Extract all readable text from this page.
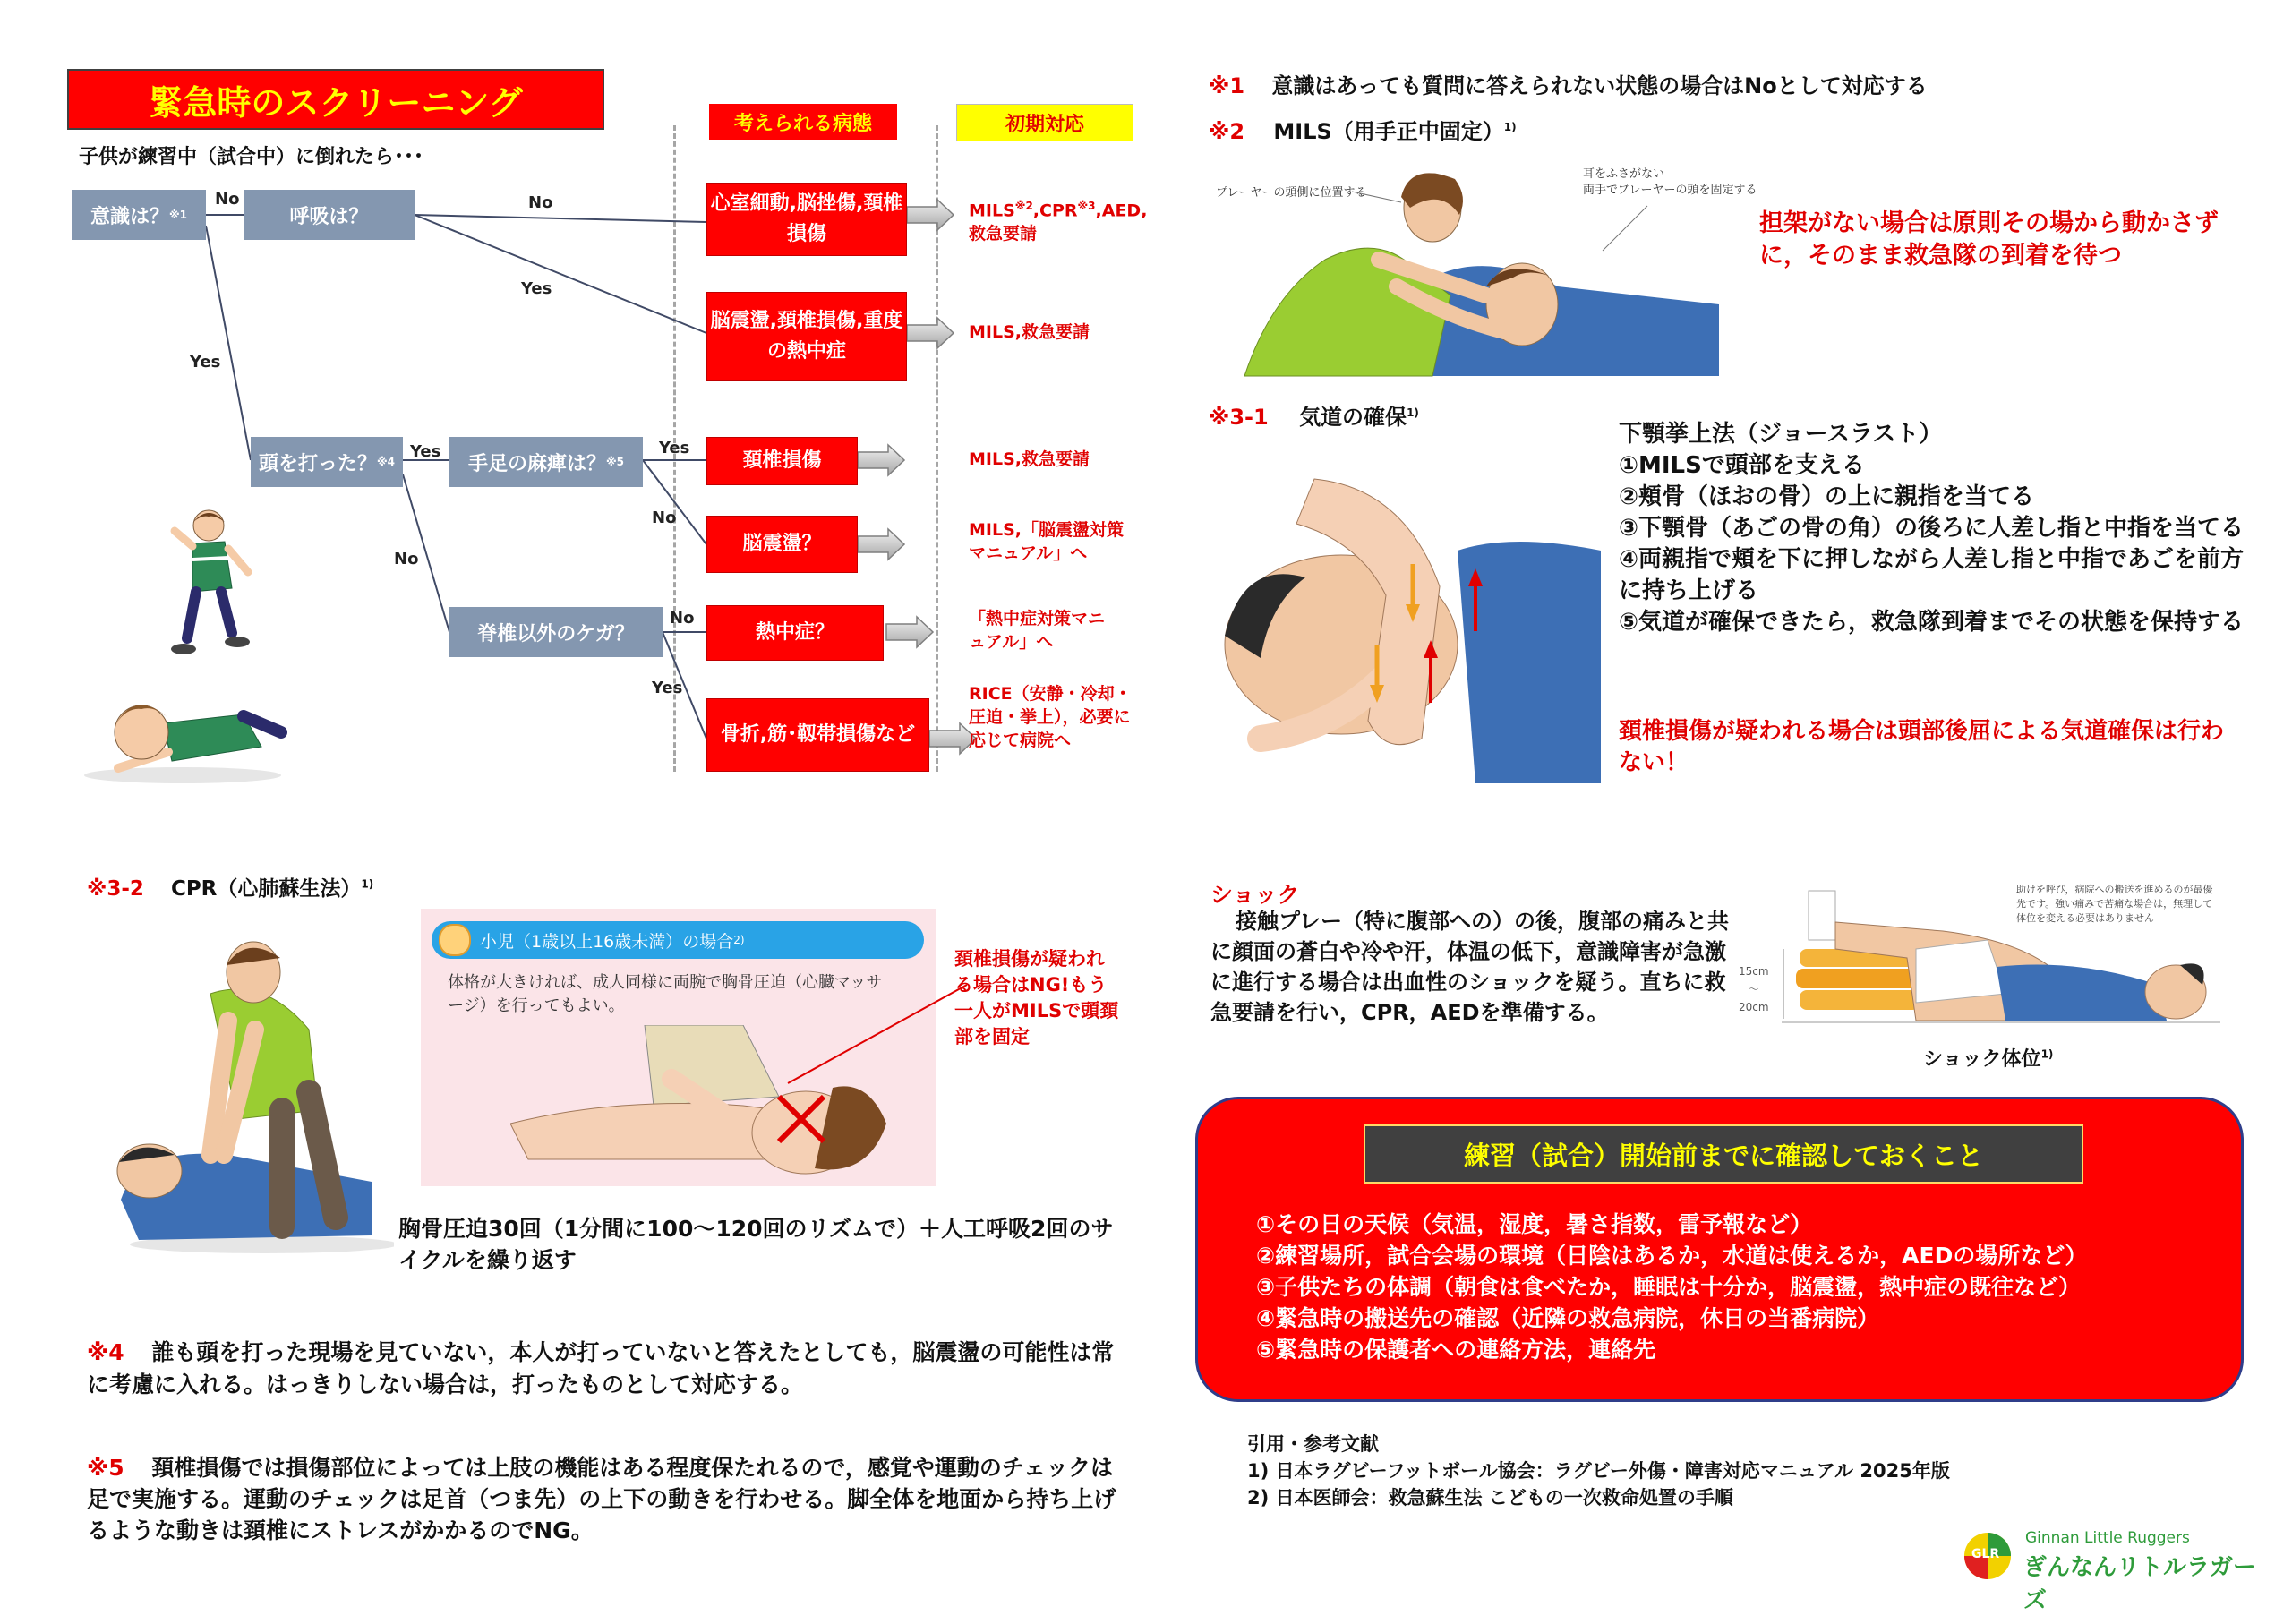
緊急時のスクリーニング
子供が練習中（試合中）に倒れたら･･･
考えられる病態	初期対応
意識は？ ※1	呼吸は？
頭を打った？ ※4	手足の麻痺は？ ※5
脊椎以外のケガ？
No	No
Yes
Yes
Yes	Yes
No
No
No
Yes
心室細動,脳挫傷,頚椎損傷
脳震盪,頚椎損傷,重度の熱中症
頚椎損傷
脳震盪？
熱中症？
骨折,筋･靱帯損傷など
MILS$^{※2}$,CPR$^{※3}$,AED,
救急要請
MILS,救急要請
MILS,救急要請
MILS,「脳震盪対策マニュアル」へ
「熱中症対策マニュアル」へ
RICE（安静・冷却・圧迫・挙上），必要に応じて病院へ
※1 意識はあっても質問に答えられない状態の場合はNoとして対応する
※2 MILS（用手正中固定）$^{1)}$
プレーヤーの頭側に位置する
耳をふさがない
両手でプレーヤーの頭を固定する
担架がない場合は原則その場から動かさずに，そのまま救急隊の到着を待つ
※3-1 気道の確保$^{1)}$
下顎挙上法（ジョースラスト）
①MILSで頭部を支える
②頬骨（ほおの骨）の上に親指を当てる
③下顎骨（あごの骨の角）の後ろに人差し指と中指を当てる
④両親指で頬を下に押しながら人差し指と中指であごを前方に持ち上げる
⑤気道が確保できたら，救急隊到着までその状態を保持する
頚椎損傷が疑われる場合は頭部後屈による気道確保は行わない！
※3-2 CPR（心肺蘇生法）$^{1)}$
小児（1歳以上16歳未満）の場合 2)
体格が大きければ、成人同様に両腕で胸骨圧迫（心臓マッサージ）を行ってもよい。
頚椎損傷が疑われる場合はNG!もう一人がMILSで頭頚部を固定
胸骨圧迫30回（1分間に100〜120回のリズムで）＋人工呼吸2回のサイクルを繰り返す
※4 誰も頭を打った現場を見ていない，本人が打っていないと答えたとしても，脳震盪の可能性は常に考慮に入れる。はっきりしない場合は，打ったものとして対応する。
※5 頚椎損傷では損傷部位によっては上肢の機能はある程度保たれるので，感覚や運動のチェックは足で実施する。運動のチェックは足首（つま先）の上下の動きを行わせる。脚全体を地面から持ち上げるような動きは頚椎にストレスがかかるのでNG。
ショック
接触プレー（特に腹部への）の後，腹部の痛みと共に顔面の蒼白や冷や汗，体温の低下，意識障害が急激に進行する場合は出血性のショックを疑う。直ちに救急要請を行い，CPR，AEDを準備する。
助けを呼び，病院への搬送を進めるのが最優先です。強い痛みで苦痛な場合は，無理して体位を変える必要はありません
15cm
〜
20cm
ショック体位$^{1)}$
練習（試合）開始前までに確認しておくこと
①その日の天候（気温，湿度，暑さ指数，雷予報など）
②練習場所，試合会場の環境（日陰はあるか，水道は使えるか，AEDの場所など）
③子供たちの体調（朝食は食べたか，睡眠は十分か，脳震盪，熱中症の既往など）
④緊急時の搬送先の確認（近隣の救急病院，休日の当番病院）
⑤緊急時の保護者への連絡方法，連絡先
引用・参考文献
1) 日本ラグビーフットボール協会：ラグビー外傷・障害対応マニュアル 2025年版
2) 日本医師会：救急蘇生法 こどもの一次救命処置の手順
GLR
Ginnan Little Ruggers
ぎんなんリトルラガーズ
